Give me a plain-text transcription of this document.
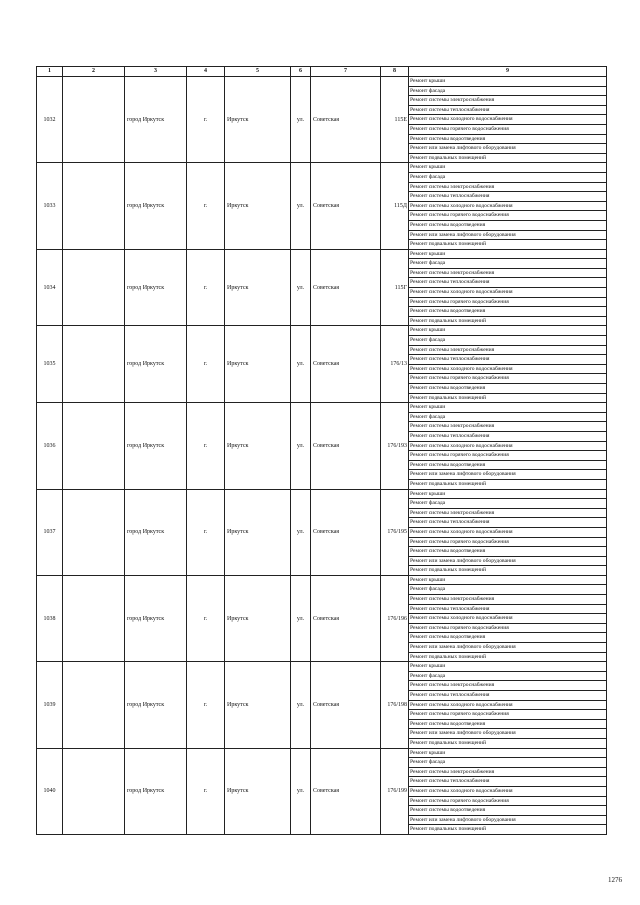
1	2	3	4	5	6	7	8	9
1032		город Иркутск	г.	Иркутск	ул.	Советская	115Е	Ремонт крыши
								Ремонт фасада
								Ремонт системы электроснабжения
								Ремонт системы теплоснабжения
								Ремонт системы холодного водоснабжения
								Ремонт системы горячего водоснабжения
								Ремонт системы водоотведения
								Ремонт или замена лифтового оборудования
								Ремонт подвальных помещений
1033		город Иркутск	г.	Иркутск	ул.	Советская	115Д	Ремонт крыши
								Ремонт фасада
								Ремонт системы электроснабжения
								Ремонт системы теплоснабжения
								Ремонт системы холодного водоснабжения
								Ремонт системы горячего водоснабжения
								Ремонт системы водоотведения
								Ремонт или замена лифтового оборудования
								Ремонт подвальных помещений
1034		город Иркутск	г.	Иркутск	ул.	Советская	115Г	Ремонт крыши
								Ремонт фасада
								Ремонт системы электроснабжения
								Ремонт системы теплоснабжения
								Ремонт системы холодного водоснабжения
								Ремонт системы горячего водоснабжения
								Ремонт системы водоотведения
								Ремонт подвальных помещений
1035		город Иркутск	г.	Иркутск	ул.	Советская	176/13	Ремонт крыши
								Ремонт фасада
								Ремонт системы электроснабжения
								Ремонт системы теплоснабжения
								Ремонт системы холодного водоснабжения
								Ремонт системы горячего водоснабжения
								Ремонт системы водоотведения
								Ремонт подвальных помещений
1036		город Иркутск	г.	Иркутск	ул.	Советская	176/193	Ремонт крыши
								Ремонт фасада
								Ремонт системы электроснабжения
								Ремонт системы теплоснабжения
								Ремонт системы холодного водоснабжения
								Ремонт системы горячего водоснабжения
								Ремонт системы водоотведения
								Ремонт или замена лифтового оборудования
								Ремонт подвальных помещений
1037		город Иркутск	г.	Иркутск	ул.	Советская	176/195	Ремонт крыши
								Ремонт фасада
								Ремонт системы электроснабжения
								Ремонт системы теплоснабжения
								Ремонт системы холодного водоснабжения
								Ремонт системы горячего водоснабжения
								Ремонт системы водоотведения
								Ремонт или замена лифтового оборудования
								Ремонт подвальных помещений
1038		город Иркутск	г.	Иркутск	ул.	Советская	176/196	Ремонт крыши
								Ремонт фасада
								Ремонт системы электроснабжения
								Ремонт системы теплоснабжения
								Ремонт системы холодного водоснабжения
								Ремонт системы горячего водоснабжения
								Ремонт системы водоотведения
								Ремонт или замена лифтового оборудования
								Ремонт подвальных помещений
1039		город Иркутск	г.	Иркутск	ул.	Советская	176/198	Ремонт крыши
								Ремонт фасада
								Ремонт системы электроснабжения
								Ремонт системы теплоснабжения
								Ремонт системы холодного водоснабжения
								Ремонт системы горячего водоснабжения
								Ремонт системы водоотведения
								Ремонт или замена лифтового оборудования
								Ремонт подвальных помещений
1040		город Иркутск	г.	Иркутск	ул.	Советская	176/199	Ремонт крыши
								Ремонт фасада
								Ремонт системы электроснабжения
								Ремонт системы теплоснабжения
								Ремонт системы холодного водоснабжения
								Ремонт системы горячего водоснабжения
								Ремонт системы водоотведения
								Ремонт или замена лифтового оборудования
								Ремонт подвальных помещений
1276
